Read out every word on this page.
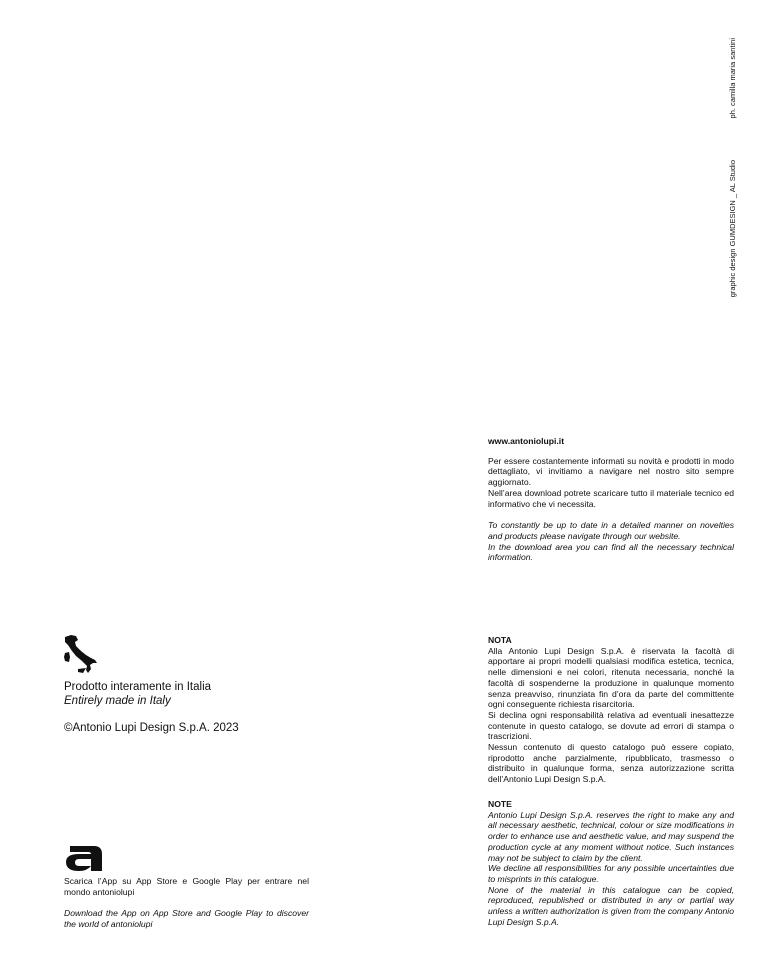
ph. camilla maria santini
graphic design GUMDESIGN _ AL Studio

www.antoniolupi.it

Per essere costantemente informati su novità e prodotti in modo dettagliato, vi invitiamo a navigare nel nostro sito sempre aggiornato.

Nell’area download potrete scaricare tutto il materiale tecnico ed informativo che vi necessita.

To constantly be up to date in a detailed manner on novelties and products please navigate through our website.

In the download area you can find all the necessary technical information.

Prodotto interamente in Italia
Entirely made in Italy
©Antonio Lupi Design S.p.A. 2023

NOTA

Alla Antonio Lupi Design S.p.A. è riservata la facoltà di apportare ai propri modelli qualsiasi modifica estetica, tecnica, nelle dimensioni e nei colori, ritenuta necessaria, nonché la facoltà di sospenderne la produzione in qualunque momento senza preavviso, rinunziata fin d’ora da parte del committente ogni conseguente richiesta risarcitoria.

Si declina ogni responsabilità relativa ad eventuali inesattezze contenute in questo catalogo, se dovute ad errori di stampa o trascrizioni.

Nessun contenuto di questo catalogo può essere copiato, riprodotto anche parzialmente, ripubblicato, trasmesso o distribuito in qualunque forma, senza autorizzazione scritta dell’Antonio Lupi Design S.p.A.

NOTE

Antonio Lupi Design S.p.A. reserves the right to make any and all necessary aesthetic, technical, colour or size modifications in order to enhance use and aesthetic value, and may suspend the production cycle at any moment without notice. Such instances may not be subject to claim by the client.

We decline all responsibilities for any possible uncertainties due to misprints in this catalogue.

None of the material in this catalogue can be copied, reproduced, republished or distributed in any or partial way unless a written authorization is given from the company Antonio Lupi Design S.p.A.

Scarica l’App su App Store e Google Play per entrare nel mondo antoniolupi

Download the App on App Store and Google Play to discover the world of antoniolupi
